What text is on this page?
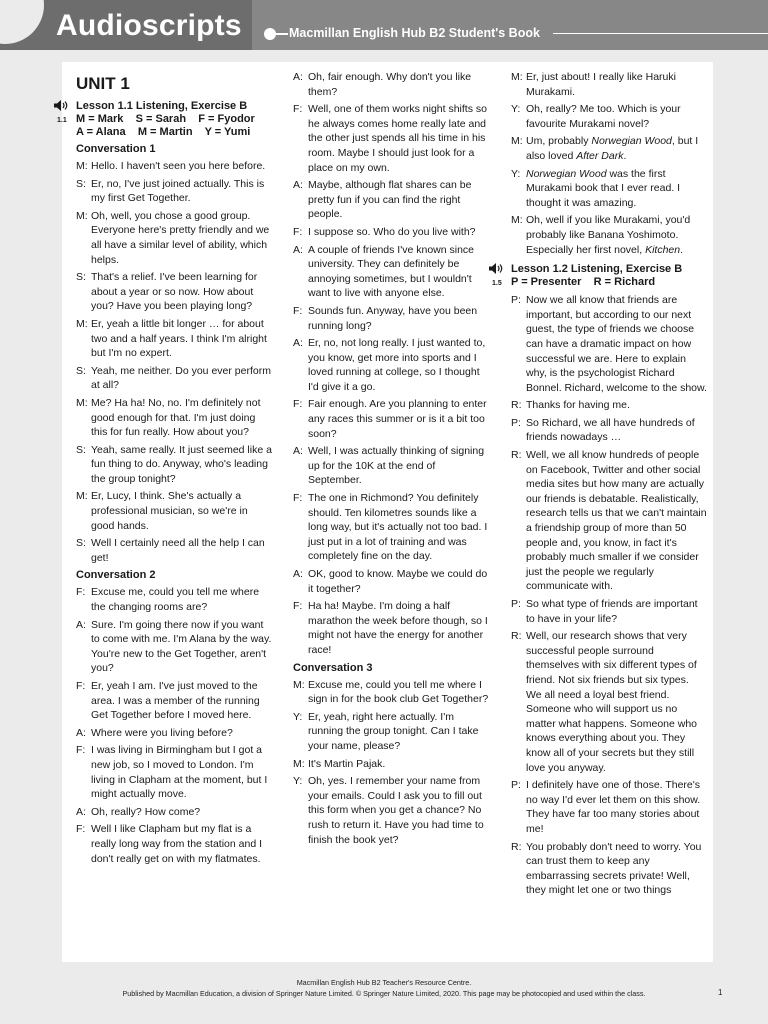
Audioscripts	Macmillan English Hub B2 Student's Book
UNIT 1
1.1
Lesson 1.1 Listening, Exercise B
M = Mark    S = Sarah    F = Fyodor
A = Alana    M = Martin    Y = Yumi
Conversation 1
M: Hello. I haven't seen you here before.
S: Er, no, I've just joined actually. This is my first Get Together.
M: Oh, well, you chose a good group. Everyone here's pretty friendly and we all have a similar level of ability, which helps.
S: That's a relief. I've been learning for about a year or so now. How about you? Have you been playing long?
M: Er, yeah a little bit longer … for about two and a half years. I think I'm alright but I'm no expert.
S: Yeah, me neither. Do you ever perform at all?
M: Me? Ha ha! No, no. I'm definitely not good enough for that. I'm just doing this for fun really. How about you?
S: Yeah, same really. It just seemed like a fun thing to do. Anyway, who's leading the group tonight?
M: Er, Lucy, I think. She's actually a professional musician, so we're in good hands.
S: Well I certainly need all the help I can get!
Conversation 2
F: Excuse me, could you tell me where the changing rooms are?
A: Sure. I'm going there now if you want to come with me. I'm Alana by the way. You're new to the Get Together, aren't you?
F: Er, yeah I am. I've just moved to the area. I was a member of the running Get Together before I moved here.
A: Where were you living before?
F: I was living in Birmingham but I got a new job, so I moved to London. I'm living in Clapham at the moment, but I might actually move.
A: Oh, really? How come?
F: Well I like Clapham but my flat is a really long way from the station and I don't really get on with my flatmates.
A: Oh, fair enough. Why don't you like them?
F: Well, one of them works night shifts so he always comes home really late and the other just spends all his time in his room. Maybe I should just look for a place on my own.
A: Maybe, although flat shares can be pretty fun if you can find the right people.
F: I suppose so. Who do you live with?
A: A couple of friends I've known since university. They can definitely be annoying sometimes, but I wouldn't want to live with anyone else.
F: Sounds fun. Anyway, have you been running long?
A: Er, no, not long really. I just wanted to, you know, get more into sports and I loved running at college, so I thought I'd give it a go.
F: Fair enough. Are you planning to enter any races this summer or is it a bit too soon?
A: Well, I was actually thinking of signing up for the 10K at the end of September.
F: The one in Richmond? You definitely should. Ten kilometres sounds like a long way, but it's actually not too bad. I just put in a lot of training and was completely fine on the day.
A: OK, good to know. Maybe we could do it together?
F: Ha ha! Maybe. I'm doing a half marathon the week before though, so I might not have the energy for another race!
Conversation 3
M: Excuse me, could you tell me where I sign in for the book club Get Together?
Y: Er, yeah, right here actually. I'm running the group tonight. Can I take your name, please?
M: It's Martin Pajak.
Y: Oh, yes. I remember your name from your emails. Could I ask you to fill out this form when you get a chance? No rush to return it. Have you had time to finish the book yet?
M: Er, just about! I really like Haruki Murakami.
Y: Oh, really? Me too. Which is your favourite Murakami novel?
M: Um, probably Norwegian Wood, but I also loved After Dark.
Y: Norwegian Wood was the first Murakami book that I ever read. I thought it was amazing.
M: Oh, well if you like Murakami, you'd probably like Banana Yoshimoto. Especially her first novel, Kitchen.
1.5
Lesson 1.2 Listening, Exercise B
P = Presenter    R = Richard
P: Now we all know that friends are important, but according to our next guest, the type of friends we choose can have a dramatic impact on how successful we are. Here to explain why, is the psychologist Richard Bonnel. Richard, welcome to the show.
R: Thanks for having me.
P: So Richard, we all have hundreds of friends nowadays …
R: Well, we all know hundreds of people on Facebook, Twitter and other social media sites but how many are actually our friends is debatable. Realistically, research tells us that we can't maintain a friendship group of more than 50 people and, you know, in fact it's probably much smaller if we consider just the people we regularly communicate with.
P: So what type of friends are important to have in your life?
R: Well, our research shows that very successful people surround themselves with six different types of friend. Not six friends but six types. We all need a loyal best friend. Someone who will support us no matter what happens. Someone who knows everything about you. They know all of your secrets but they still love you anyway.
P: I definitely have one of those. There's no way I'd ever let them on this show. They have far too many stories about me!
R: You probably don't need to worry. You can trust them to keep any embarrassing secrets private! Well, they might let one or two things
Macmillan English Hub B2 Teacher's Resource Centre.
Published by Macmillan Education, a division of Springer Nature Limited. © Springer Nature Limited, 2020. This page may be photocopied and used within the class.	1
